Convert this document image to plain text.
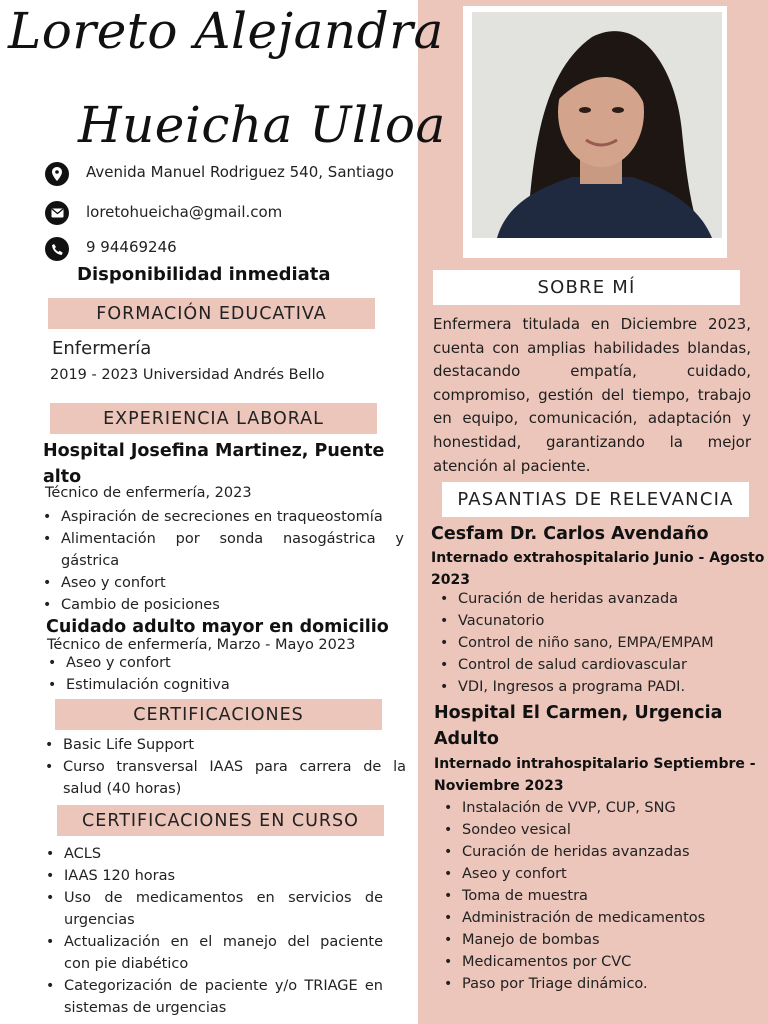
Loreto Alejandra
Hueicha Ulloa
Avenida Manuel Rodriguez 540, Santiago
loretohueicha@gmail.com
9 94469246
Disponibilidad inmediata
FORMACIÓN EDUCATIVA
Enfermería
2019 - 2023 Universidad Andrés Bello
EXPERIENCIA LABORAL
Hospital Josefina Martinez, Puente
alto
Técnico de enfermería, 2023
• Aspiración de secreciones en traqueostomía
• Alimentación por sonda nasogástrica y gástrica
• Aseo y confort
• Cambio de posiciones
Cuidado adulto mayor en domicilio
Técnico de enfermería, Marzo - Mayo 2023
• Aseo y confort
• Estimulación cognitiva
CERTIFICACIONES
• Basic Life Support
• Curso transversal IAAS para carrera de la salud (40 horas)
CERTIFICACIONES EN CURSO
• ACLS
• IAAS 120 horas
• Uso de medicamentos en servicios de urgencias
• Actualización en el manejo del paciente con pie diabético
• Categorización de paciente y/o TRIAGE en sistemas de urgencias
SOBRE MÍ
Enfermera titulada en Diciembre 2023, cuenta con amplias habilidades blandas, destacando empatía, cuidado, compromiso, gestión del tiempo, trabajo en equipo, comunicación, adaptación y honestidad, garantizando la mejor atención al paciente.
PASANTIAS DE RELEVANCIA
Cesfam Dr. Carlos Avendaño
Internado extrahospitalario Junio - Agosto
2023
• Curación de heridas avanzada
• Vacunatorio
• Control de niño sano, EMPA/EMPAM
• Control de salud cardiovascular
• VDI, Ingresos a programa PADI.
Hospital El Carmen, Urgencia
Adulto
Internado intrahospitalario Septiembre -
Noviembre 2023
• Instalación de VVP, CUP, SNG
• Sondeo vesical
• Curación de heridas avanzadas
• Aseo y confort
• Toma de muestra
• Administración de medicamentos
• Manejo de bombas
• Medicamentos por CVC
• Paso por Triage dinámico.
